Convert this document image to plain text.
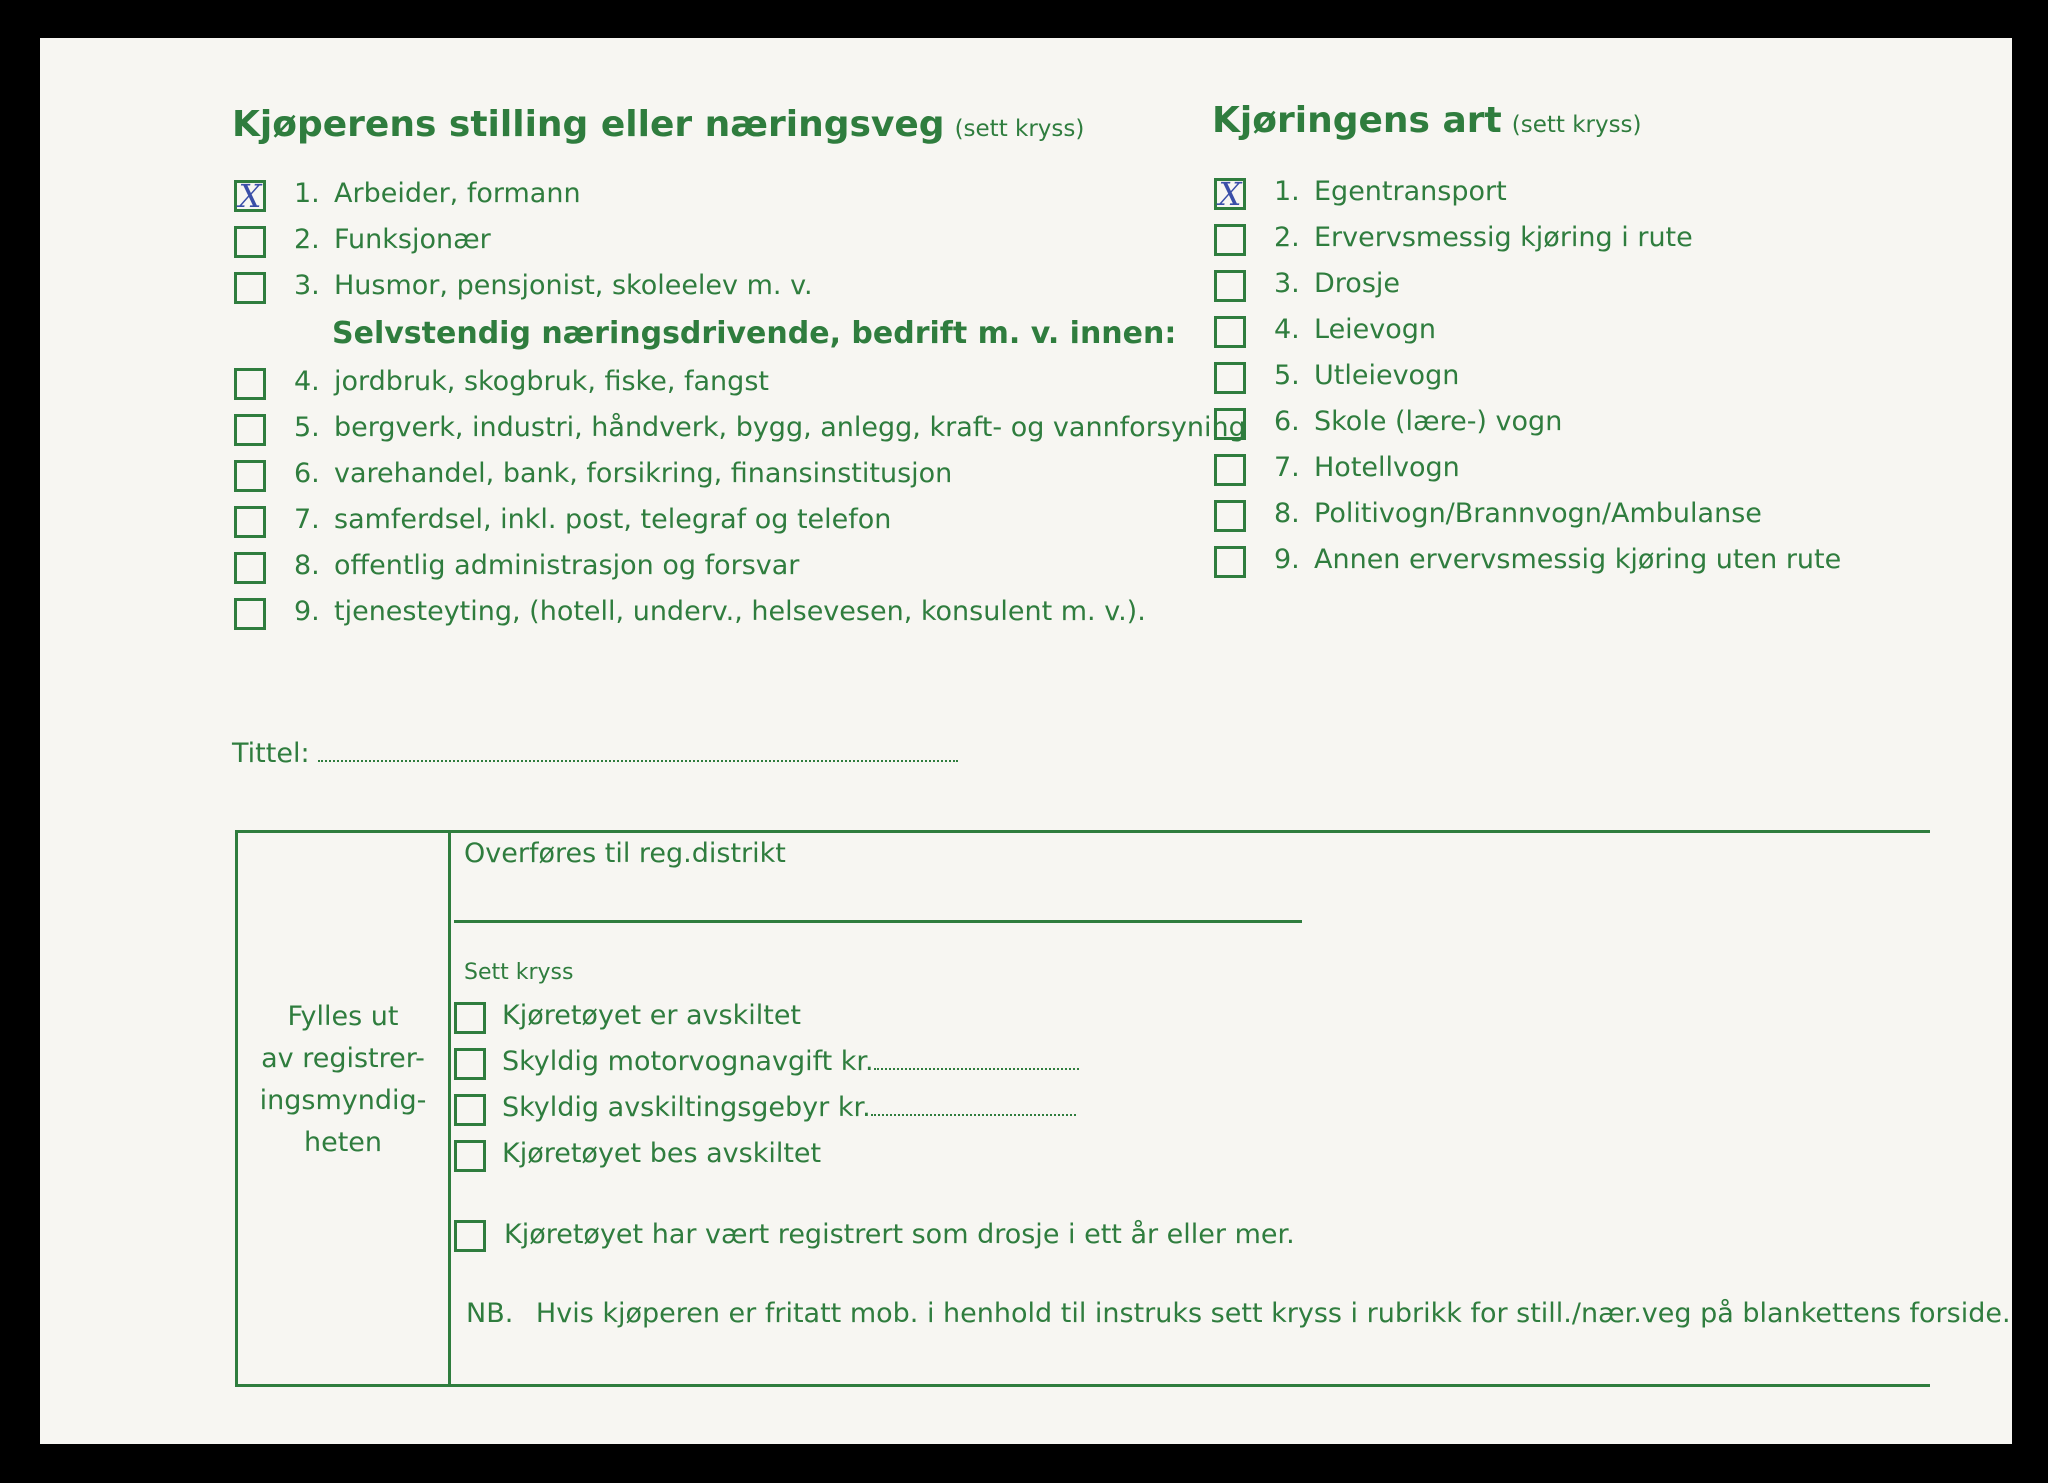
Kjøperens stilling eller næringsveg (sett kryss)
X 1. Arbeider, formann
2. Funksjonær
3. Husmor, pensjonist, skoleelev m. v.
Selvstendig næringsdrivende, bedrift m. v. innen:
4. jordbruk, skogbruk, fiske, fangst
5. bergverk, industri, håndverk, bygg, anlegg, kraft- og vannforsyning
6. varehandel, bank, forsikring, finansinstitusjon
7. samferdsel, inkl. post, telegraf og telefon
8. offentlig administrasjon og forsvar
9. tjenesteyting, (hotell, underv., helsevesen, konsulent m. v.).
Kjøringens art (sett kryss)
X 1. Egentransport
2. Ervervsmessig kjøring i rute
3. Drosje
4. Leievogn
5. Utleievogn
6. Skole (lære-) vogn
7. Hotellvogn
8. Politivogn/Brannvogn/Ambulanse
9. Annen ervervsmessig kjøring uten rute
Tittel:
Fylles ut
av registrer-
ingsmyndig-
heten
Overføres til reg.distrikt
Sett kryss
Kjøretøyet er avskiltet
Skyldig motorvognavgift kr.
Skyldig avskiltingsgebyr kr.
Kjøretøyet bes avskiltet
Kjøretøyet har vært registrert som drosje i ett år eller mer.
NB. Hvis kjøperen er fritatt mob. i henhold til instruks sett kryss i rubrikk for still./nær.veg på blankettens forside.
